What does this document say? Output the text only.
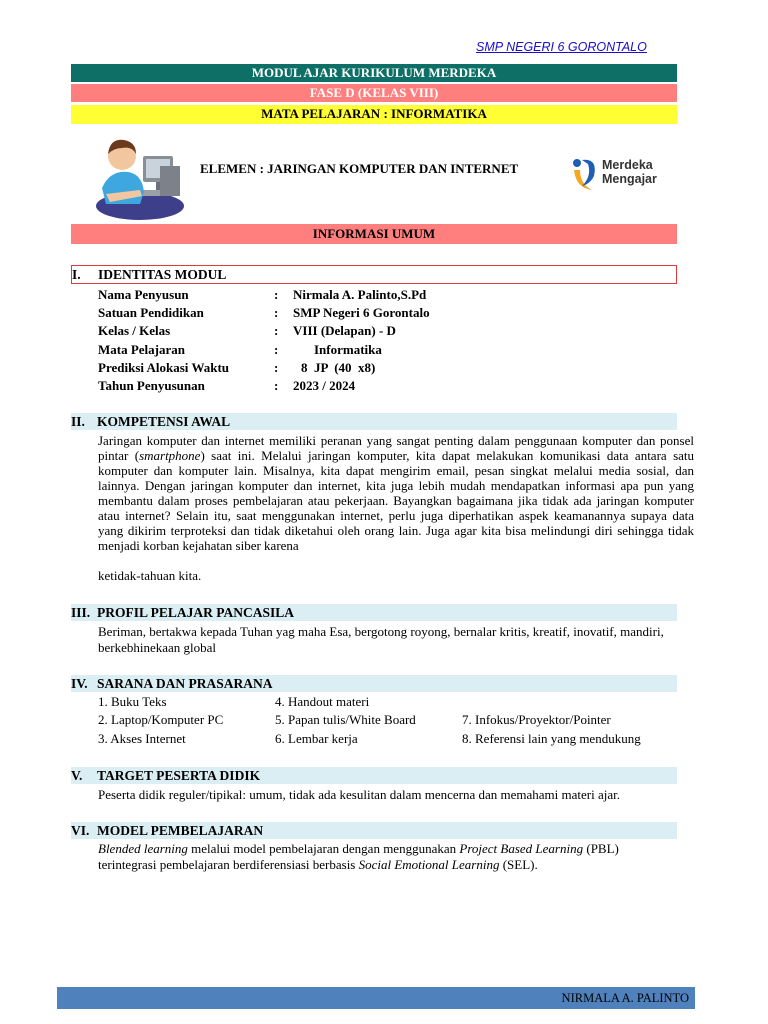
SMP NEGERI 6 GORONTALO
MODUL AJAR KURIKULUM MERDEKA
FASE D (KELAS VIII)
MATA PELAJARAN : INFORMATIKA
ELEMEN : JARINGAN KOMPUTER DAN INTERNET	Merdeka
Mengajar
INFORMASI UMUM
I. IDENTITAS MODUL
Nama Penyusun	: Nirmala A. Palinto,S.Pd
Satuan Pendidikan	: SMP Negeri 6 Gorontalo
Kelas / Kelas	: VIII (Delapan) - D
Mata Pelajaran	:	Informatika
Prediksi Alokasi Waktu	: 8  JP  (40  x8)
Tahun Penyusunan	: 2023 / 2024
II. KOMPETENSI AWAL
Jaringan komputer dan internet memiliki peranan yang sangat penting dalam penggunaan komputer dan ponsel pintar (smartphone) saat ini. Melalui jaringan komputer, kita dapat melakukan komunikasi data antara satu komputer dan komputer lain. Misalnya, kita dapat mengirim email, pesan singkat melalui media sosial, dan lainnya. Dengan jaringan komputer dan internet, kita juga lebih mudah mendapatkan informasi apa pun yang membantu dalam proses pembelajaran atau pekerjaan. Bayangkan bagaimana jika tidak ada jaringan komputer atau internet? Selain itu, saat menggunakan internet, perlu juga diperhatikan aspek keamanannya supaya data yang dikirim terproteksi dan tidak diketahui oleh orang lain. Juga agar kita bisa melindungi diri sehingga tidak menjadi korban kejahatan siber karena
ketidak-tahuan kita.
III. PROFIL PELAJAR PANCASILA
Beriman, bertakwa kepada Tuhan yag maha Esa, bergotong royong, bernalar kritis, kreatif, inovatif, mandiri, berkebhinekaan global
IV. SARANA DAN PRASARANA
1. Buku Teks
2. Laptop/Komputer PC
3. Akses Internet
4. Handout materi
5. Papan tulis/White Board
6. Lembar kerja
7. Infokus/Proyektor/Pointer
8. Referensi lain yang mendukung
V. TARGET PESERTA DIDIK
Peserta didik reguler/tipikal: umum, tidak ada kesulitan dalam mencerna dan memahami materi ajar.
VI. MODEL PEMBELAJARAN
Blended learning melalui model pembelajaran dengan menggunakan Project Based Learning (PBL) terintegrasi pembelajaran berdiferensiasi berbasis Social Emotional Learning (SEL).
NIRMALA A. PALINTO
